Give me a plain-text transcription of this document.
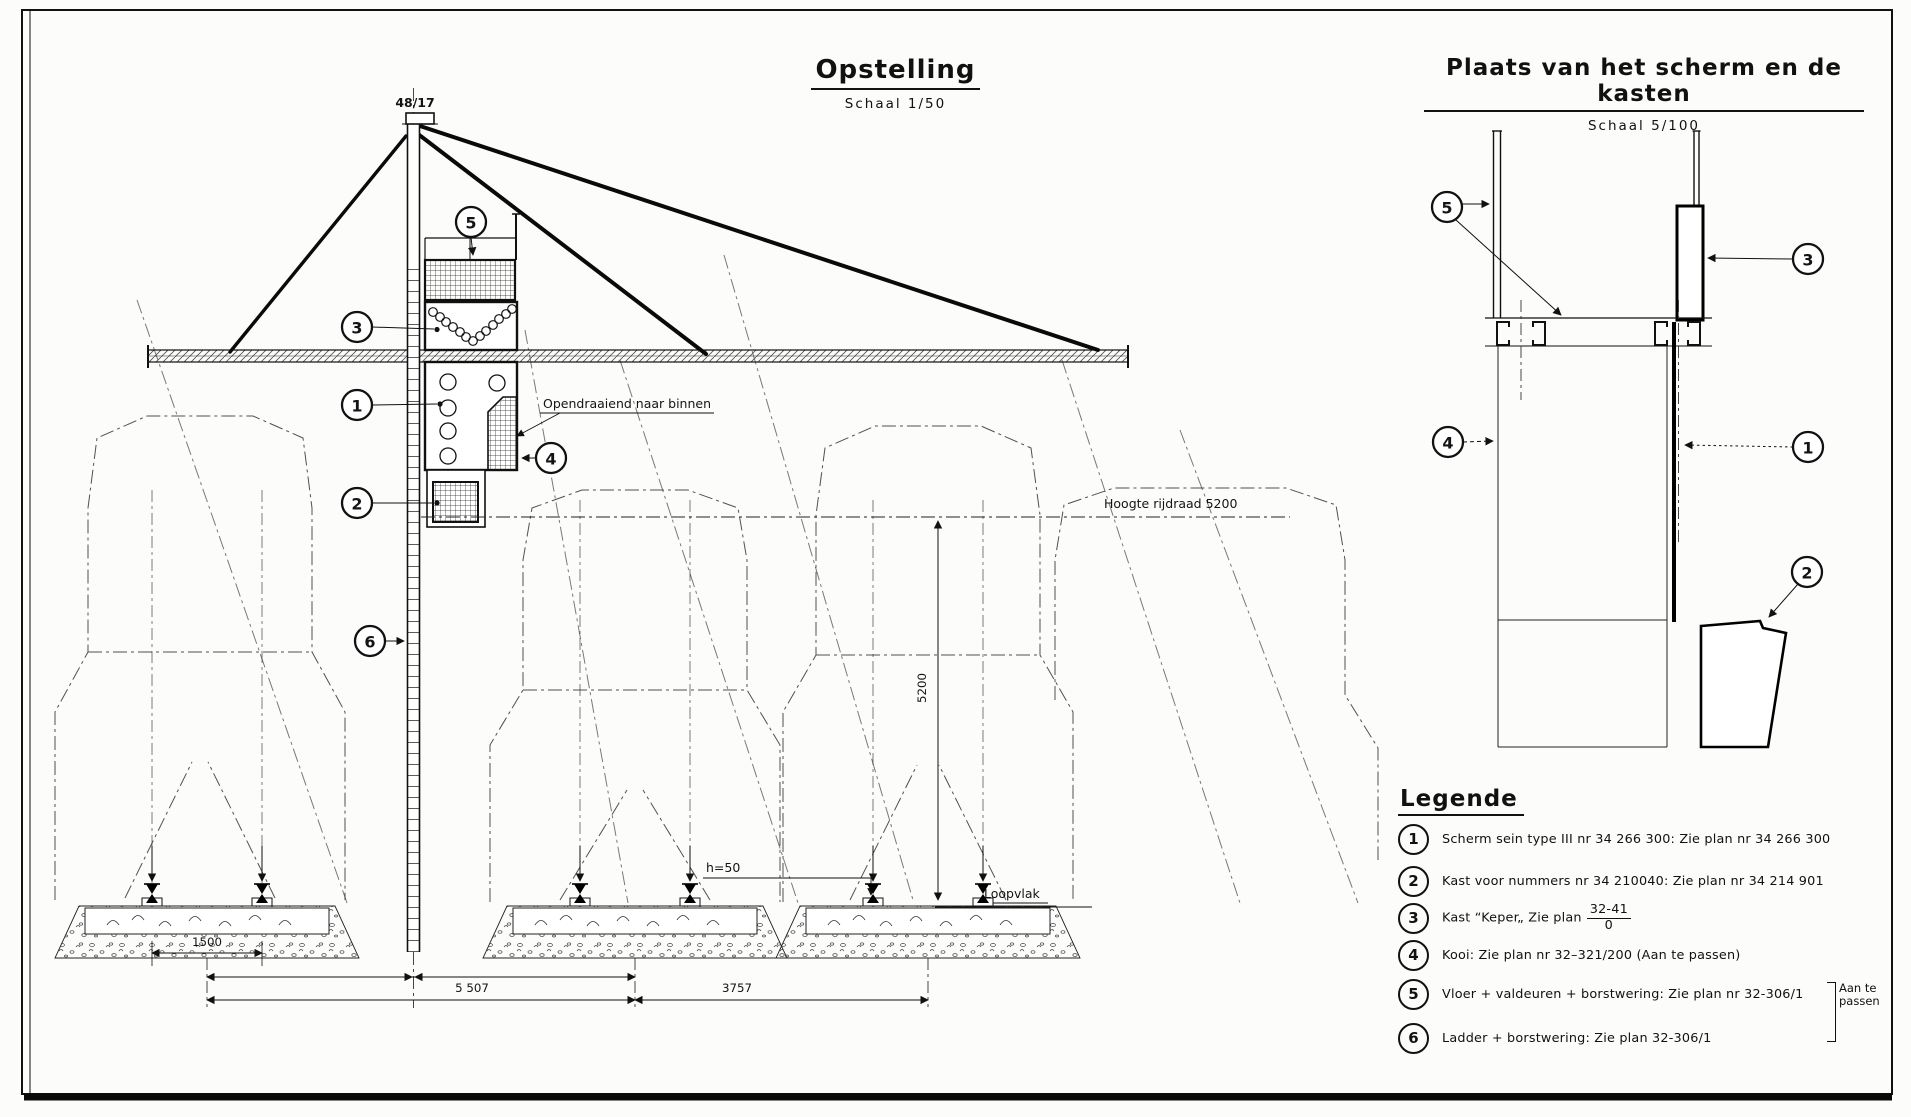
Hoogte rijdraad 5200
5200
Opendraaiend naar binnen
h=50
Loopvlak
1500
5 507	3757
48/17
5
3
1
2
4
6
5
3
4	1
2
Opstelling
Schaal 1/50
Plaats van het scherm en de kasten
Schaal 5/100
Legende
1	Scherm sein type III nr 34 266 300: Zie plan nr 34 266 300
2	Kast voor nummers nr 34 210040: Zie plan nr 34 214 901
3	Kast “Keper„ Zie plan $\frac{32-41}{0}$
4	Kooi: Zie plan nr 32–321/200 (Aan te passen)
5	Vloer + valdeuren + borstwering: Zie plan nr 32-306/1
6	Ladder + borstwering: Zie plan 32-306/1
Aan te
passen
